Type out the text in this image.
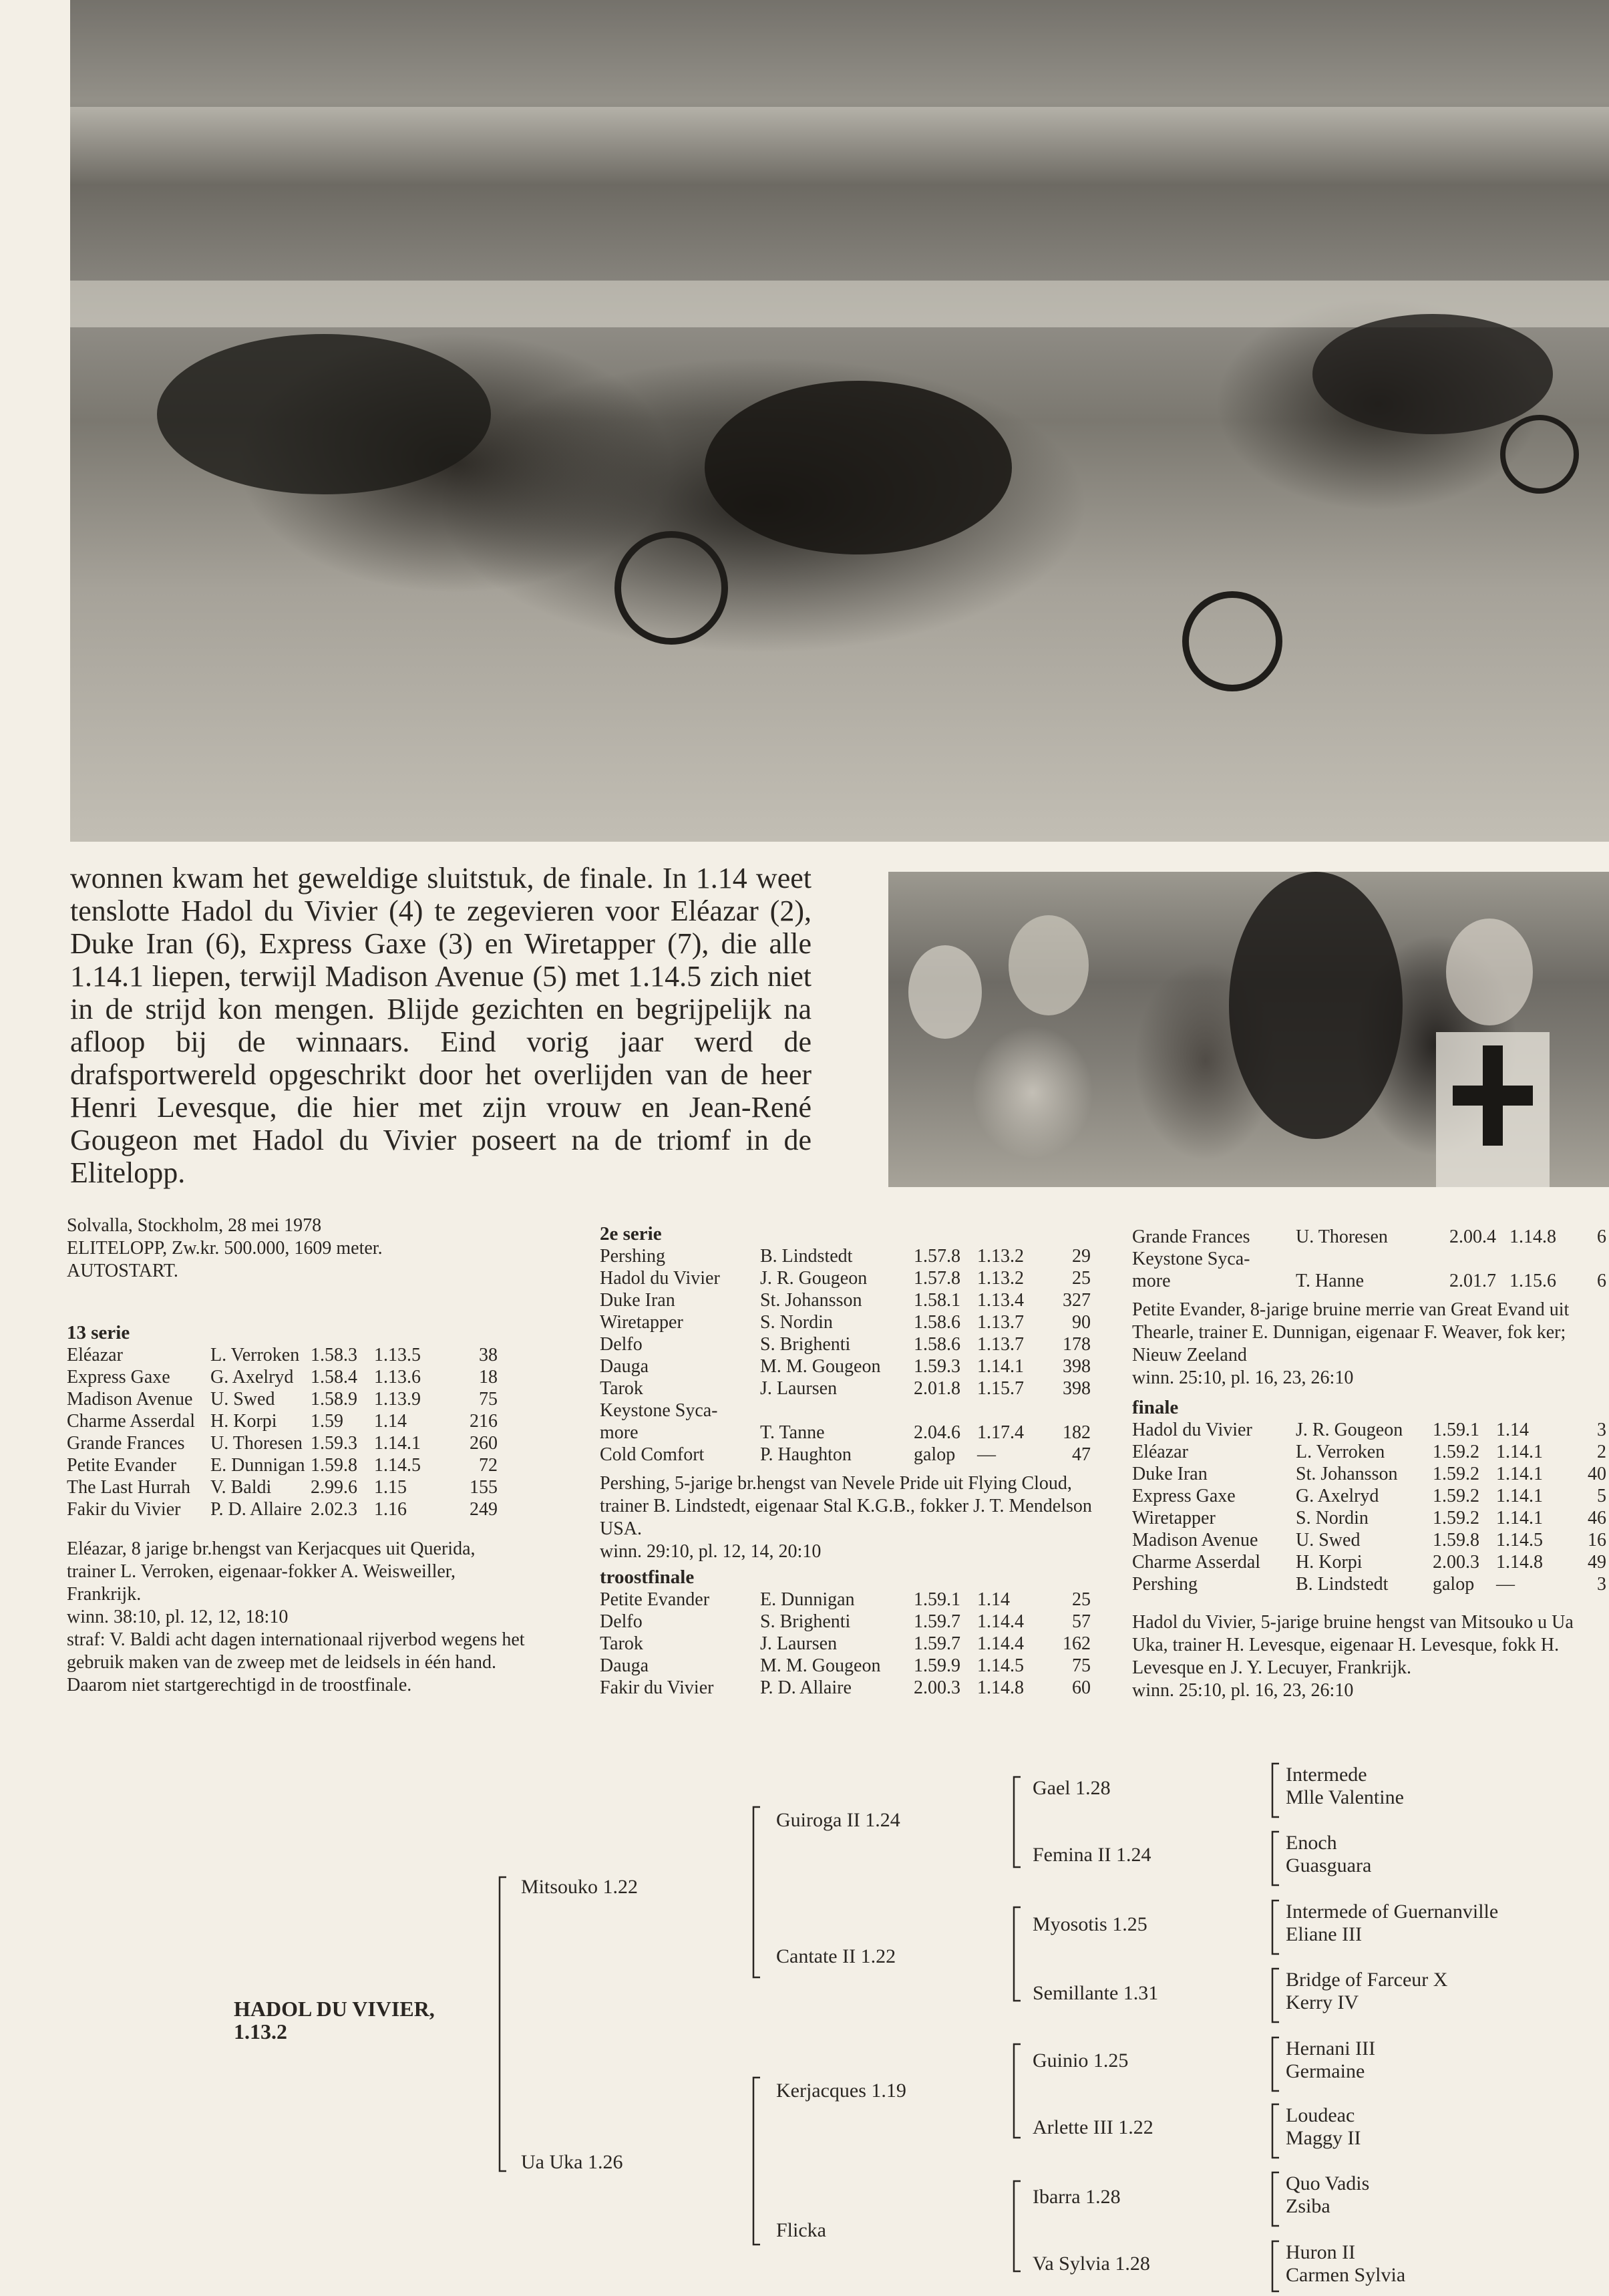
wonnen kwam het geweldige sluitstuk, de finale. In 1.14 weet tenslotte Hadol du Vivier (4) te zegevieren voor Eléazar (2), Duke Iran (6), Express Gaxe (3) en Wiretapper (7), die alle 1.14.1 liepen, terwijl Madison Avenue (5) met 1.14.5 zich niet in de strijd kon mengen. Blijde gezichten en begrijpelijk na afloop bij de winnaars. Eind vorig jaar werd de drafsportwereld opgeschrikt door het overlijden van de heer Henri Levesque, die hier met zijn vrouw en Jean-René Gougeon met Hadol du Vivier poseert na de triomf in de Elitelopp.

Solvalla, Stockholm, 28 mei 1978

ELITELOPP, Zw.kr. 500.000, 1609 meter.

AUTOSTART.

13 serie
Eléazar	L. Verroken	1.58.3	1.13.5	38
Express Gaxe	G. Axelryd	1.58.4	1.13.6	18
Madison Avenue	U. Swed	1.58.9	1.13.9	75
Charme Asserdal	H. Korpi	1.59	1.14	216
Grande Frances	U. Thoresen	1.59.3	1.14.1	260
Petite Evander	E. Dunnigan	1.59.8	1.14.5	72
The Last Hurrah	V. Baldi	2.99.6	1.15	155
Fakir du Vivier	P. D. Allaire	2.02.3	1.16	249

Eléazar, 8 jarige br.hengst van Kerjacques uit Querida, trainer L. Verroken, eigenaar-fokker A. Weisweiller, Frankrijk.

winn. 38:10, pl. 12, 12, 18:10

straf: V. Baldi acht dagen internationaal rijverbod wegens het gebruik maken van de zweep met de leidsels in één hand. Daarom niet startgerechtigd in de troostfinale.

2e serie
Pershing	B. Lindstedt	1.57.8	1.13.2	29
Hadol du Vivier	J. R. Gougeon	1.57.8	1.13.2	25
Duke Iran	St. Johansson	1.58.1	1.13.4	327
Wiretapper	S. Nordin	1.58.6	1.13.7	90
Delfo	S. Brighenti	1.58.6	1.13.7	178
Dauga	M. M. Gougeon	1.59.3	1.14.1	398
Tarok	J. Laursen	2.01.8	1.15.7	398
Keystone Syca-				
more	T. Tanne	2.04.6	1.17.4	182
Cold Comfort	P. Haughton	galop	—	47

Pershing, 5-jarige br.hengst van Nevele Pride uit Flying Cloud, trainer B. Lindstedt, eigenaar Stal K.G.B., fokker J. T. Mendelson USA.

winn. 29:10, pl. 12, 14, 20:10

troostfinale
Petite Evander	E. Dunnigan	1.59.1	1.14	25
Delfo	S. Brighenti	1.59.7	1.14.4	57
Tarok	J. Laursen	1.59.7	1.14.4	162
Dauga	M. M. Gougeon	1.59.9	1.14.5	75
Fakir du Vivier	P. D. Allaire	2.00.3	1.14.8	60
Grande Frances	U. Thoresen	2.00.4	1.14.8	6
Keystone Syca-				
more	T. Hanne	2.01.7	1.15.6	6

Petite Evander, 8-jarige bruine merrie van Great Evand uit Thearle, trainer E. Dunnigan, eigenaar F. Weaver, fok ker; Nieuw Zeeland

winn. 25:10, pl. 16, 23, 26:10

finale
Hadol du Vivier	J. R. Gougeon	1.59.1	1.14	3
Eléazar	L. Verroken	1.59.2	1.14.1	2
Duke Iran	St. Johansson	1.59.2	1.14.1	40
Express Gaxe	G. Axelryd	1.59.2	1.14.1	5
Wiretapper	S. Nordin	1.59.2	1.14.1	46
Madison Avenue	U. Swed	1.59.8	1.14.5	16
Charme Asserdal	H. Korpi	2.00.3	1.14.8	49
Pershing	B. Lindstedt	galop	—	3

Hadol du Vivier, 5-jarige bruine hengst van Mitsouko u Ua Uka, trainer H. Levesque, eigenaar H. Levesque, fokk H. Levesque en J. Y. Lecuyer, Frankrijk.

winn. 25:10, pl. 16, 23, 26:10

HADOL DU VIVIER,
1.13.2
Mitsouko 1.22
Ua Uka 1.26
Guiroga II 1.24
Cantate II 1.22
Kerjacques 1.19
Flicka
Gael 1.28
Femina II 1.24
Myosotis 1.25
Semillante 1.31
Guinio 1.25
Arlette III 1.22
Ibarra 1.28
Va Sylvia 1.28
Intermede
Mlle Valentine
Enoch
Guasguara
Intermede of Guernanville
Eliane III
Bridge of Farceur X
Kerry IV
Hernani III
Germaine
Loudeac
Maggy II
Quo Vadis
Zsiba
Huron II
Carmen Sylvia
